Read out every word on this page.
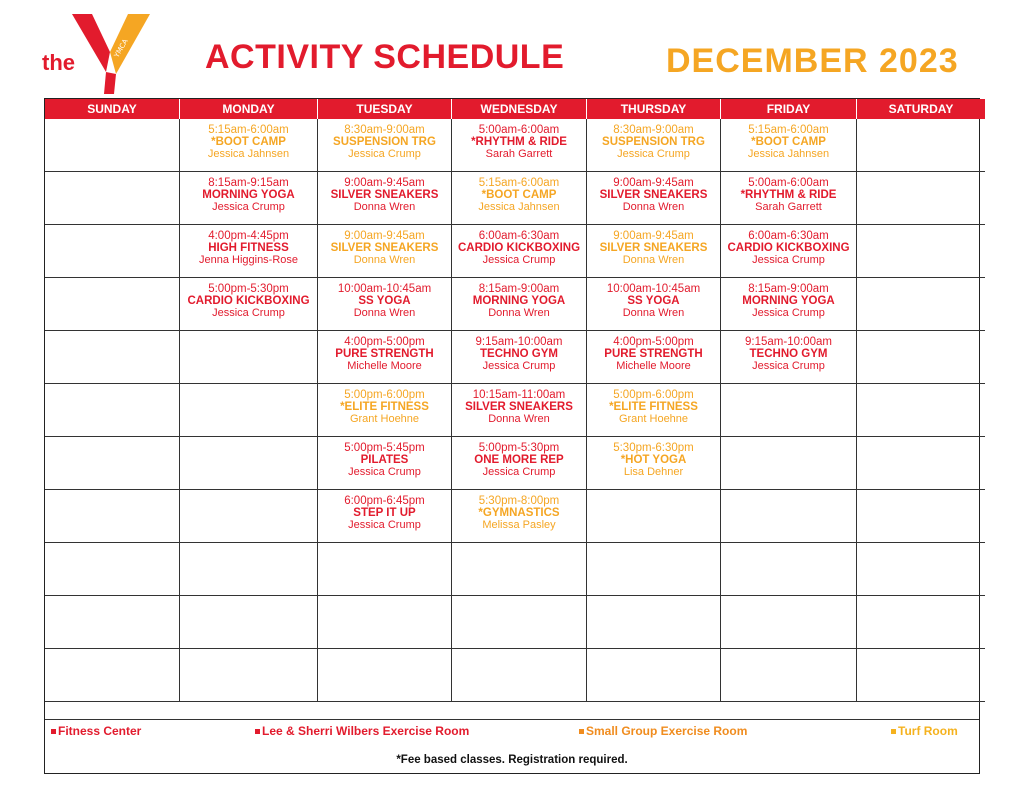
the
YMCA ACTIVITY SCHEDULE	DECEMBER 2023
SUNDAY	MONDAY	TUESDAY	WEDNESDAY	THURSDAY	FRIDAY	SATURDAY

	5:15am-6:00am
*BOOT CAMP
Jessica Jahnsen	8:30am-9:00am
SUSPENSION TRG
Jessica Crump	5:00am-6:00am
*RHYTHM & RIDE
Sarah Garrett	8:30am-9:00am
SUSPENSION TRG
Jessica Crump	5:15am-6:00am
*BOOT CAMP
Jessica Jahnsen	

	8:15am-9:15am
MORNING YOGA
Jessica Crump	9:00am-9:45am
SILVER SNEAKERS
Donna Wren	5:15am-6:00am
*BOOT CAMP
Jessica Jahnsen	9:00am-9:45am
SILVER SNEAKERS
Donna Wren	5:00am-6:00am
*RHYTHM & RIDE
Sarah Garrett	

	4:00pm-4:45pm
HIGH FITNESS
Jenna Higgins-Rose	9:00am-9:45am
SILVER SNEAKERS
Donna Wren	6:00am-6:30am
CARDIO KICKBOXING
Jessica Crump	9:00am-9:45am
SILVER SNEAKERS
Donna Wren	6:00am-6:30am
CARDIO KICKBOXING
Jessica Crump	

	5:00pm-5:30pm
CARDIO KICKBOXING
Jessica Crump	10:00am-10:45am
SS YOGA
Donna Wren	8:15am-9:00am
MORNING YOGA
Donna Wren	10:00am-10:45am
SS YOGA
Donna Wren	8:15am-9:00am
MORNING YOGA
Jessica Crump	

		4:00pm-5:00pm
PURE STRENGTH
Michelle Moore	9:15am-10:00am
TECHNO GYM
Jessica Crump	4:00pm-5:00pm
PURE STRENGTH
Michelle Moore	9:15am-10:00am
TECHNO GYM
Jessica Crump	

		5:00pm-6:00pm
*ELITE FITNESS
Grant Hoehne	10:15am-11:00am
SILVER SNEAKERS
Donna Wren	5:00pm-6:00pm
*ELITE FITNESS
Grant Hoehne		

		5:00pm-5:45pm
PILATES
Jessica Crump	5:00pm-5:30pm
ONE MORE REP
Jessica Crump	5:30pm-6:30pm
*HOT YOGA
Lisa Dehner		

		6:00pm-6:45pm
STEP IT UP
Jessica Crump	5:30pm-8:00pm
*GYMNASTICS
Melissa Pasley			

Fitness Center	Lee & Sherri Wilbers Exercise Room	Small Group Exercise Room	Turf Room
*Fee based classes. Registration required.
